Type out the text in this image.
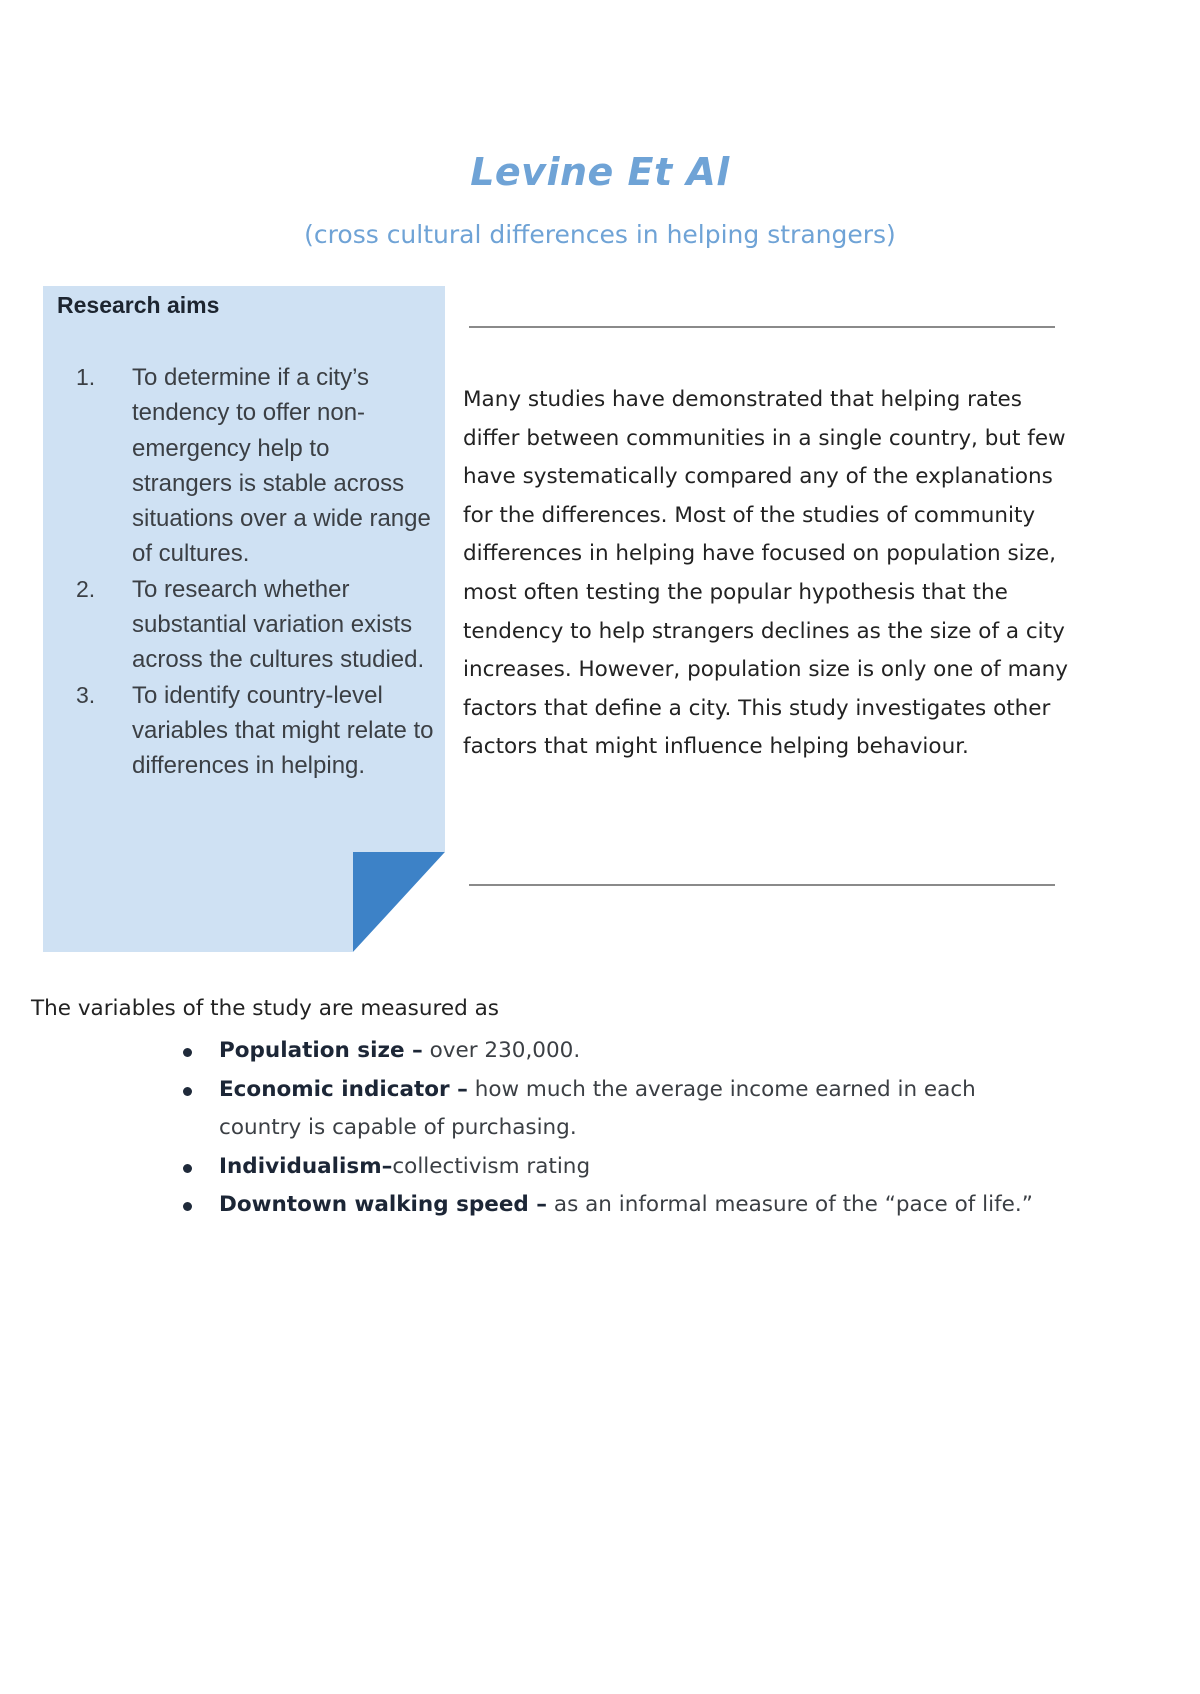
Levine Et Al
(cross cultural differences in helping strangers)
Research aims
1. To determine if a city’s tendency to offer non-emergency help to strangers is stable across situations over a wide range of cultures.
2. To research whether substantial variation exists across the cultures studied.
3. To identify country-level variables that might relate to differences in helping.

Many studies have demonstrated that helping rates differ between communities in a single country, but few have systematically compared any of the explanations for the differences. Most of the studies of community differences in helping have focused on population size, most often testing the popular hypothesis that the tendency to help strangers declines as the size of a city increases. However, population size is only one of many factors that define a city. This study investigates other factors that might influence helping behaviour.

The variables of the study are measured as
Population size – over 230,000.
Economic indicator – how much the average income earned in each country is capable of purchasing.
Individualism–collectivism rating
Downtown walking speed – as an informal measure of the “pace of life.”
